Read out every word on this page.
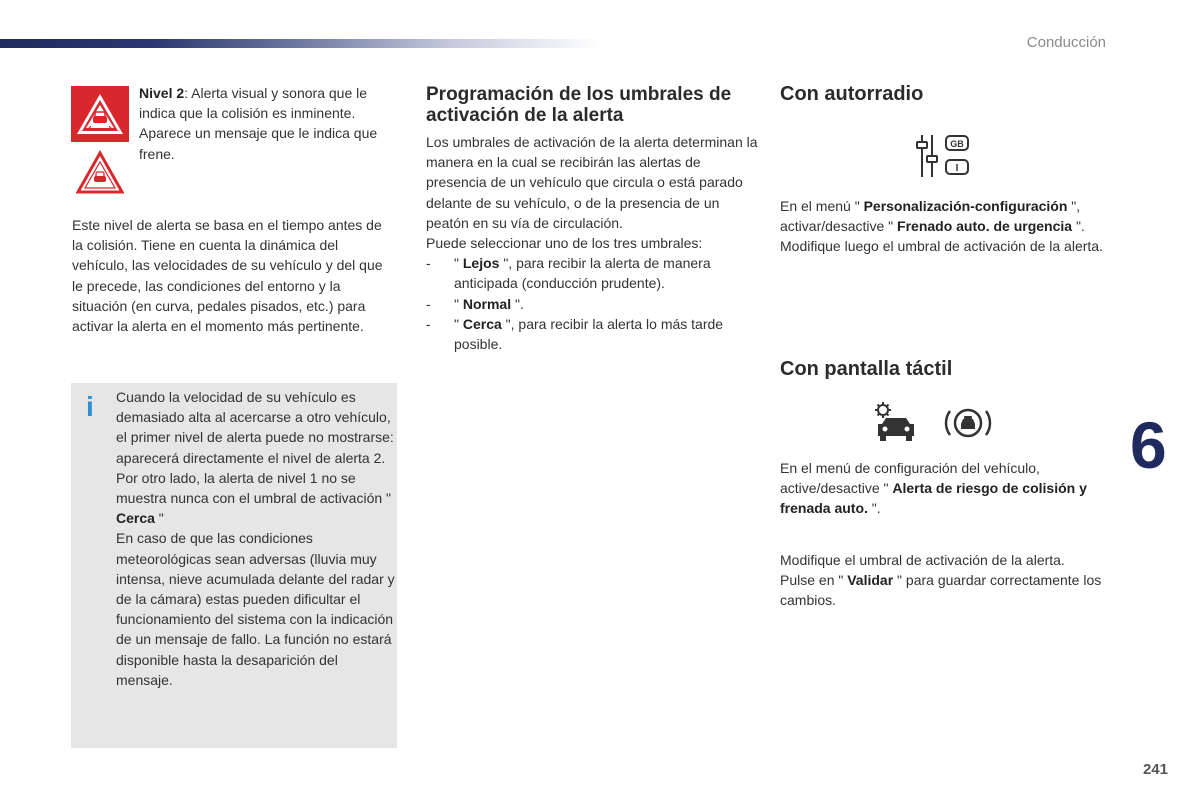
Conducción
Nivel 2: Alerta visual y sonora que le indica que la colisión es inminente. Aparece un mensaje que le indica que frene.
Este nivel de alerta se basa en el tiempo antes de la colisión. Tiene en cuenta la dinámica del vehículo, las velocidades de su vehículo y del que le precede, las condiciones del entorno y la situación (en curva, pedales pisados, etc.) para activar la alerta en el momento más pertinente.
i Cuando la velocidad de su vehículo es demasiado alta al acercarse a otro vehículo, el primer nivel de alerta puede no mostrarse: aparecerá directamente el nivel de alerta 2.
Por otro lado, la alerta de nivel 1 no se muestra nunca con el umbral de activación " Cerca "
En caso de que las condiciones meteorológicas sean adversas (lluvia muy intensa, nieve acumulada delante del radar y de la cámara) estas pueden dificultar el funcionamiento del sistema con la indicación de un mensaje de fallo. La función no estará disponible hasta la desaparición del mensaje.
Programación de los umbrales de activación de la alerta
Los umbrales de activación de la alerta determinan la manera en la cual se recibirán las alertas de presencia de un vehículo que circula o está parado delante de su vehículo, o de la presencia de un peatón en su vía de circulación.
Puede seleccionar uno de los tres umbrales:
- " Lejos ", para recibir la alerta de manera anticipada (conducción prudente).
- " Normal ".
- " Cerca ", para recibir la alerta lo más tarde posible.
Con autorradio
GB
I
En el menú " Personalización-configuración ", activar/desactive " Frenado auto. de urgencia ". Modifique luego el umbral de activación de la alerta.
Con pantalla táctil
En el menú de configuración del vehículo, active/desactive " Alerta de riesgo de colisión y frenada auto. ".
Modifique el umbral de activación de la alerta. Pulse en " Validar " para guardar correctamente los cambios.
6
241
